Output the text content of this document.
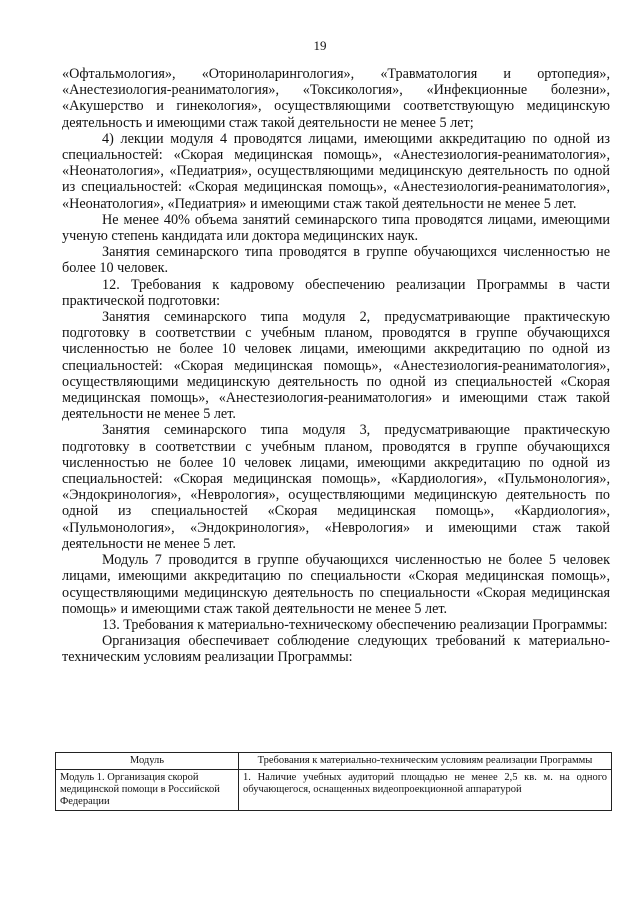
19

«Офтальмология», «Оториноларингология», «Травматология и ортопедия», «Анестезиология-реаниматология», «Токсикология», «Инфекционные болезни», «Акушерство и гинекология», осуществляющими соответствующую медицинскую деятельность и имеющими стаж такой деятельности не менее 5 лет;

4) лекции модуля 4 проводятся лицами, имеющими аккредитацию по одной из специальностей: «Скорая медицинская помощь», «Анестезиология-реаниматология», «Неонатология», «Педиатрия», осуществляющими медицинскую деятельность по одной из специальностей: «Скорая медицинская помощь», «Анестезиология-реаниматология», «Неонатология», «Педиатрия» и имеющими стаж такой деятельности не менее 5 лет.

Не менее 40% объема занятий семинарского типа проводятся лицами, имеющими ученую степень кандидата или доктора медицинских наук.

Занятия семинарского типа проводятся в группе обучающихся численностью не более 10 человек.

12. Требования к кадровому обеспечению реализации Программы в части практической подготовки:

Занятия семинарского типа модуля 2, предусматривающие практическую подготовку в соответствии с учебным планом, проводятся в группе обучающихся численностью не более 10 человек лицами, имеющими аккредитацию по одной из специальностей: «Скорая медицинская помощь», «Анестезиология-реаниматология», осуществляющими медицинскую деятельность по одной из специальностей «Скорая медицинская помощь», «Анестезиология-реаниматология» и имеющими стаж такой деятельности не менее 5 лет.

Занятия семинарского типа модуля 3, предусматривающие практическую подготовку в соответствии с учебным планом, проводятся в группе обучающихся численностью не более 10 человек лицами, имеющими аккредитацию по одной из специальностей: «Скорая медицинская помощь», «Кардиология», «Пульмонология», «Эндокринология», «Неврология», осуществляющими медицинскую деятельность по одной из специальностей «Скорая медицинская помощь», «Кардиология», «Пульмонология», «Эндокринология», «Неврология» и имеющими стаж такой деятельности не менее 5 лет.

Модуль 7 проводится в группе обучающихся численностью не более 5 человек лицами, имеющими аккредитацию по специальности «Скорая медицинская помощь», осуществляющими медицинскую деятельность по специальности «Скорая медицинская помощь» и имеющими стаж такой деятельности не менее 5 лет.

13. Требования к материально-техническому обеспечению реализации Программы:

Организация обеспечивает соблюдение следующих требований к материально-техническим условиям реализации Программы:

Модуль	Требования к материально-техническим условиям реализации Программы
Модуль 1. Организация скорой медицинской помощи в Российской Федерации	1. Наличие учебных аудиторий площадью не менее 2,5 кв. м. на одного обучающегося, оснащенных видеопроекционной аппаратурой
